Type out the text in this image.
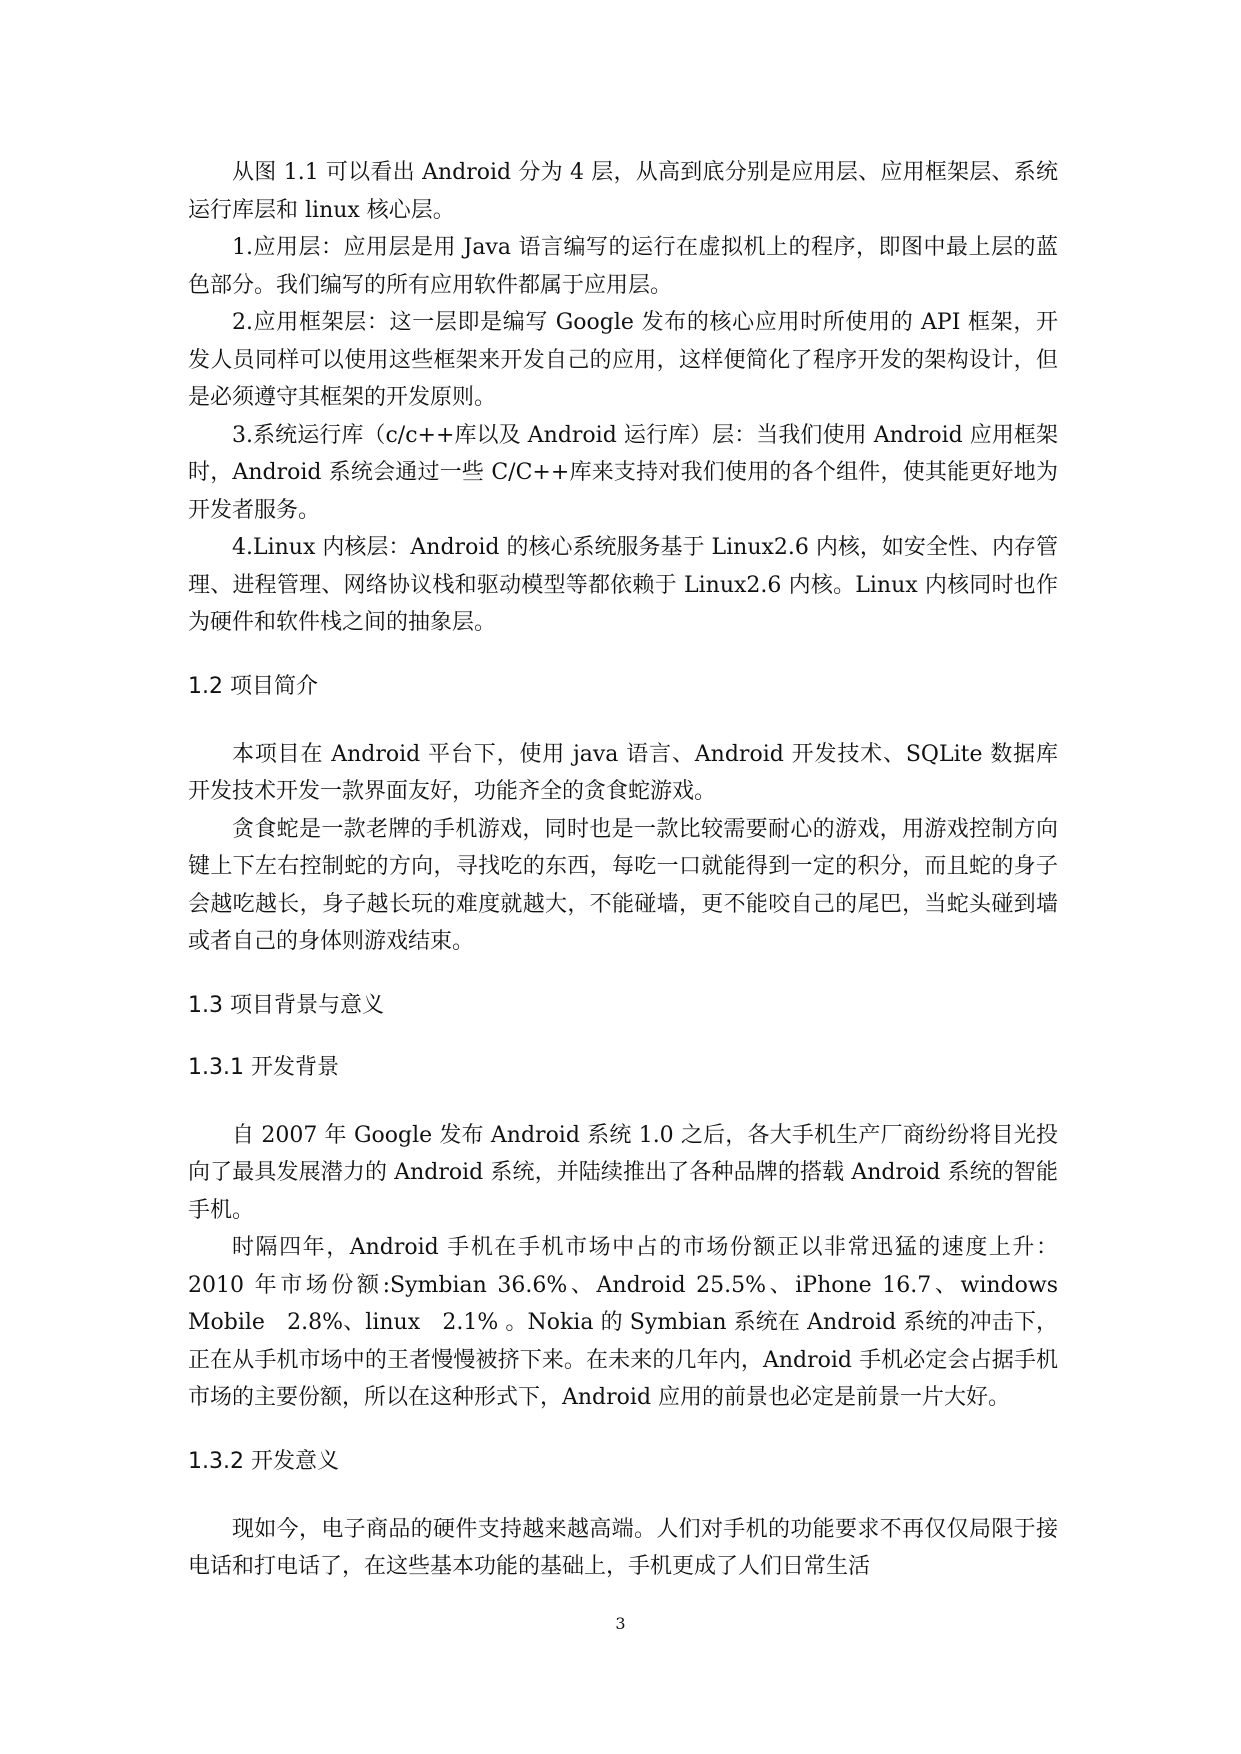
从图 1.1 可以看出 Android 分为 4 层，从高到底分别是应用层、应用框架层、系统运行库层和 linux 核心层。

1.应用层：应用层是用 Java 语言编写的运行在虚拟机上的程序，即图中最上层的蓝色部分。我们编写的所有应用软件都属于应用层。

2.应用框架层：这一层即是编写 Google 发布的核心应用时所使用的 API 框架，开发人员同样可以使用这些框架来开发自己的应用，这样便简化了程序开发的架构设计，但是必须遵守其框架的开发原则。

3.系统运行库（c/c++库以及 Android 运行库）层：当我们使用 Android 应用框架时，Android 系统会通过一些 C/C++库来支持对我们使用的各个组件，使其能更好地为开发者服务。

4.Linux 内核层：Android 的核心系统服务基于 Linux2.6 内核，如安全性、内存管理、进程管理、网络协议栈和驱动模型等都依赖于 Linux2.6 内核。Linux 内核同时也作为硬件和软件栈之间的抽象层。

1.2 项目简介

本项目在 Android 平台下，使用 java 语言、Android 开发技术、SQLite 数据库开发技术开发一款界面友好，功能齐全的贪食蛇游戏。

贪食蛇是一款老牌的手机游戏，同时也是一款比较需要耐心的游戏，用游戏控制方向键上下左右控制蛇的方向，寻找吃的东西，每吃一口就能得到一定的积分，而且蛇的身子会越吃越长，身子越长玩的难度就越大，不能碰墙，更不能咬自己的尾巴，当蛇头碰到墙或者自己的身体则游戏结束。

1.3 项目背景与意义
1.3.1 开发背景

自 2007 年 Google 发布 Android 系统 1.0 之后，各大手机生产厂商纷纷将目光投向了最具发展潜力的 Android 系统，并陆续推出了各种品牌的搭载 Android 系统的智能手机。

时隔四年，Android 手机在手机市场中占的市场份额正以非常迅猛的速度上升：2010 年市场份额:Symbian 36.6%、Android 25.5%、iPhone 16.7、windows Mobile　2.8%、linux　2.1% 。Nokia 的 Symbian 系统在 Android 系统的冲击下，正在从手机市场中的王者慢慢被挤下来。在未来的几年内，Android 手机必定会占据手机市场的主要份额，所以在这种形式下，Android 应用的前景也必定是前景一片大好。

1.3.2 开发意义

现如今，电子商品的硬件支持越来越高端。人们对手机的功能要求不再仅仅局限于接电话和打电话了，在这些基本功能的基础上，手机更成了人们日常生活

3
